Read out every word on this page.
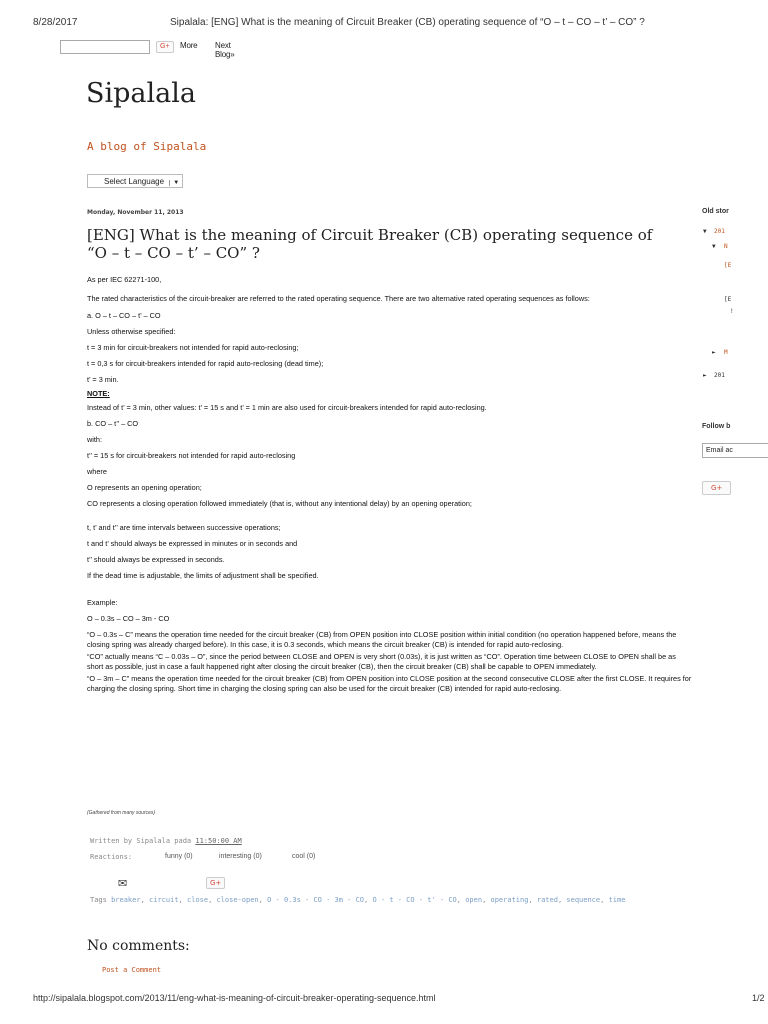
8/28/2017	Sipalala: [ENG] What is the meaning of Circuit Breaker (CB) operating sequence of “O – t – CO – t’ – CO” ?
G+	More Next Blog»
Sipalala
A blog of Sipalala
Select Language ▼
Monday, November 11, 2013
[ENG] What is the meaning of Circuit Breaker (CB) operating sequence of “O – t – CO – t’ – CO” ?

As per IEC 62271-100,

The rated characteristics of the circuit-breaker are referred to the rated operating sequence. There are two alternative rated operating sequences as follows:

a. O – t – CO – t’ – CO

Unless otherwise specified:

t = 3 min for circuit-breakers not intended for rapid auto-reclosing;

t = 0,3 s for circuit-breakers intended for rapid auto-reclosing (dead time);

t’ = 3 min.

NOTE:

Instead of t’ = 3 min, other values: t’ = 15 s and t’ = 1 min are also used for circuit-breakers intended for rapid auto-reclosing.

b. CO – t’’ – CO

with:

t’’ = 15 s for circuit-breakers not intended for rapid auto-reclosing

where

O represents an opening operation;

CO represents a closing operation followed immediately (that is, without any intentional delay) by an opening operation;

t, t’ and t’’ are time intervals between successive operations;

t and t’ should always be expressed in minutes or in seconds and

t’’ should always be expressed in seconds.

If the dead time is adjustable, the limits of adjustment shall be specified.

Example:

O – 0.3s – CO – 3m - CO

“O – 0.3s – C” means the operation time needed for the circuit breaker (CB) from OPEN position into CLOSE position within initial condition (no operation happened before, means the closing spring was already charged before). In this case, it is 0.3 seconds, which means the circuit breaker (CB) is intended for rapid auto-reclosing.

“CO” actually means “C – 0.03s – O”, since the period between CLOSE and OPEN is very short (0.03s), it is just written as “CO”. Operation time between CLOSE to OPEN shall be as short as possible, just in case a fault happened right after closing the circuit breaker (CB), then the circuit breaker (CB) shall be capable to OPEN immediately.

“O – 3m – C” means the operation time needed for the circuit breaker (CB) from OPEN position into CLOSE position at the second consecutive CLOSE after the first CLOSE. It requires for charging the closing spring. Short time in charging the closing spring can also be used for the circuit breaker (CB) intended for rapid auto-reclosing.

(Gathered from many sources)
Written by Sipalala pada 11:50:00 AM
Reactions:	funny (0)	interesting (0)	cool (0)
✉	G+
Tags breaker, circuit, close, close-open, O - 0.3s - CO - 3m - CO, O - t - CO - t' - CO, open, operating, rated, sequence, time
No comments:
Post a Comment
Old stor
▼ 201
▼ N
[E
[E
!
► M
► 201
Follow b
Email ac
G+
http://sipalala.blogspot.com/2013/11/eng-what-is-meaning-of-circuit-breaker-operating-sequence.html	1/2
